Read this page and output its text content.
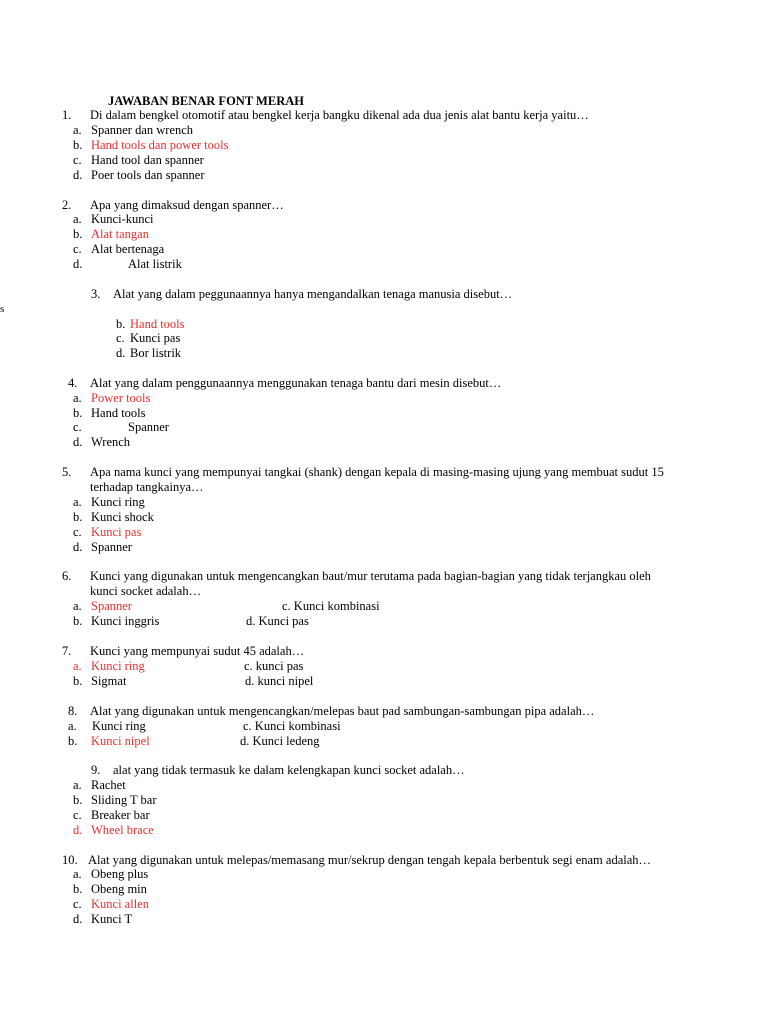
s
JAWABAN BENAR FONT MERAH
1. Di dalam bengkel otomotif atau bengkel kerja bangku dikenal ada dua jenis alat bantu kerja yaitu…
a. Spanner dan wrench
b. Hand tools dan power tools
c. Hand tool dan spanner
d. Poer tools dan spanner
2. Apa yang dimaksud dengan spanner…
a. Kunci-kunci
b. Alat tangan
c. Alat bertenaga
d.	Alat listrik
3. Alat yang dalam peggunaannya hanya mengandalkan tenaga manusia disebut…
b. Hand tools
c. Kunci pas
d. Bor listrik
4. Alat yang dalam penggunaannya menggunakan tenaga bantu dari mesin disebut…
a. Power tools
b. Hand tools
c.	Spanner
d. Wrench
5. Apa nama kunci yang mempunyai tangkai (shank) dengan kepala di masing-masing ujung yang membuat sudut 15
terhadap tangkainya…
a. Kunci ring
b. Kunci shock
c. Kunci pas
d. Spanner
6. Kunci yang digunakan untuk mengencangkan baut/mur terutama pada bagian-bagian yang tidak terjangkau oleh
kunci socket adalah…
a. Spanner	c. Kunci kombinasi
b. Kunci inggris	d. Kunci pas
7. Kunci yang mempunyai sudut 45 adalah…
a. Kunci ring	c. kunci pas
b. Sigmat	d. kunci nipel
8. Alat yang digunakan untuk mengencangkan/melepas baut pad sambungan-sambungan pipa adalah…
a. Kunci ring	c. Kunci kombinasi
b. Kunci nipel	d. Kunci ledeng
9. alat yang tidak termasuk ke dalam kelengkapan kunci socket adalah…
a. Rachet
b. Sliding T bar
c. Breaker bar
d. Wheel brace
10. Alat yang digunakan untuk melepas/memasang mur/sekrup dengan tengah kepala berbentuk segi enam adalah…
a. Obeng plus
b. Obeng min
c. Kunci allen
d. Kunci T
